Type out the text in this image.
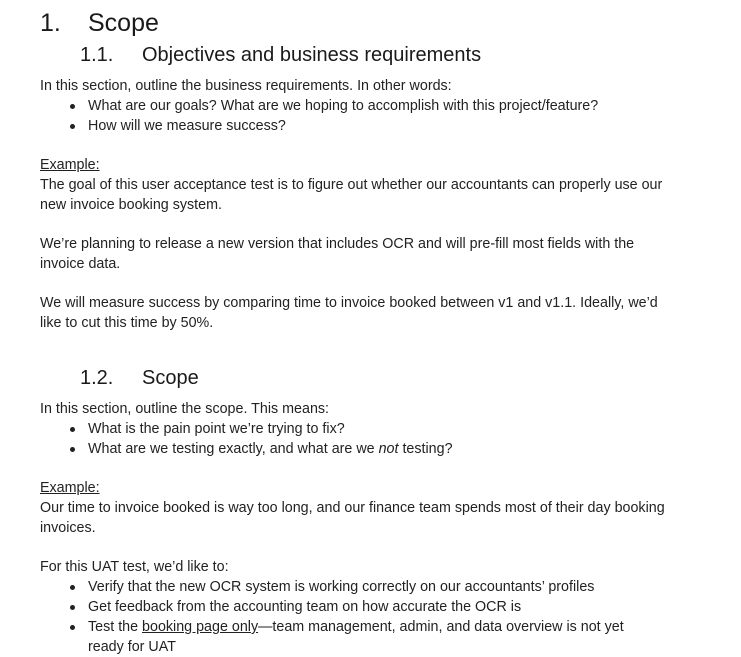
1.	Scope
1.1.	Objectives and business requirements

In this section, outline the business requirements. In other words:

What are our goals? What are we hoping to accomplish with this project/feature?
How will we measure success?

Example:

The goal of this user acceptance test is to figure out whether our accountants can properly use our new invoice booking system.

We’re planning to release a new version that includes OCR and will pre-fill most fields with the invoice data.

We will measure success by comparing time to invoice booked between v1 and v1.1. Ideally, we’d like to cut this time by 50%.

1.2.	Scope

In this section, outline the scope. This means:

What is the pain point we’re trying to fix?
What are we testing exactly, and what are we not testing?

Example:

Our time to invoice booked is way too long, and our finance team spends most of their day booking invoices.

For this UAT test, we’d like to:

Verify that the new OCR system is working correctly on our accountants’ profiles
Get feedback from the accounting team on how accurate the OCR is
Test the booking page only—team management, admin, and data overview is not yet ready for UAT
